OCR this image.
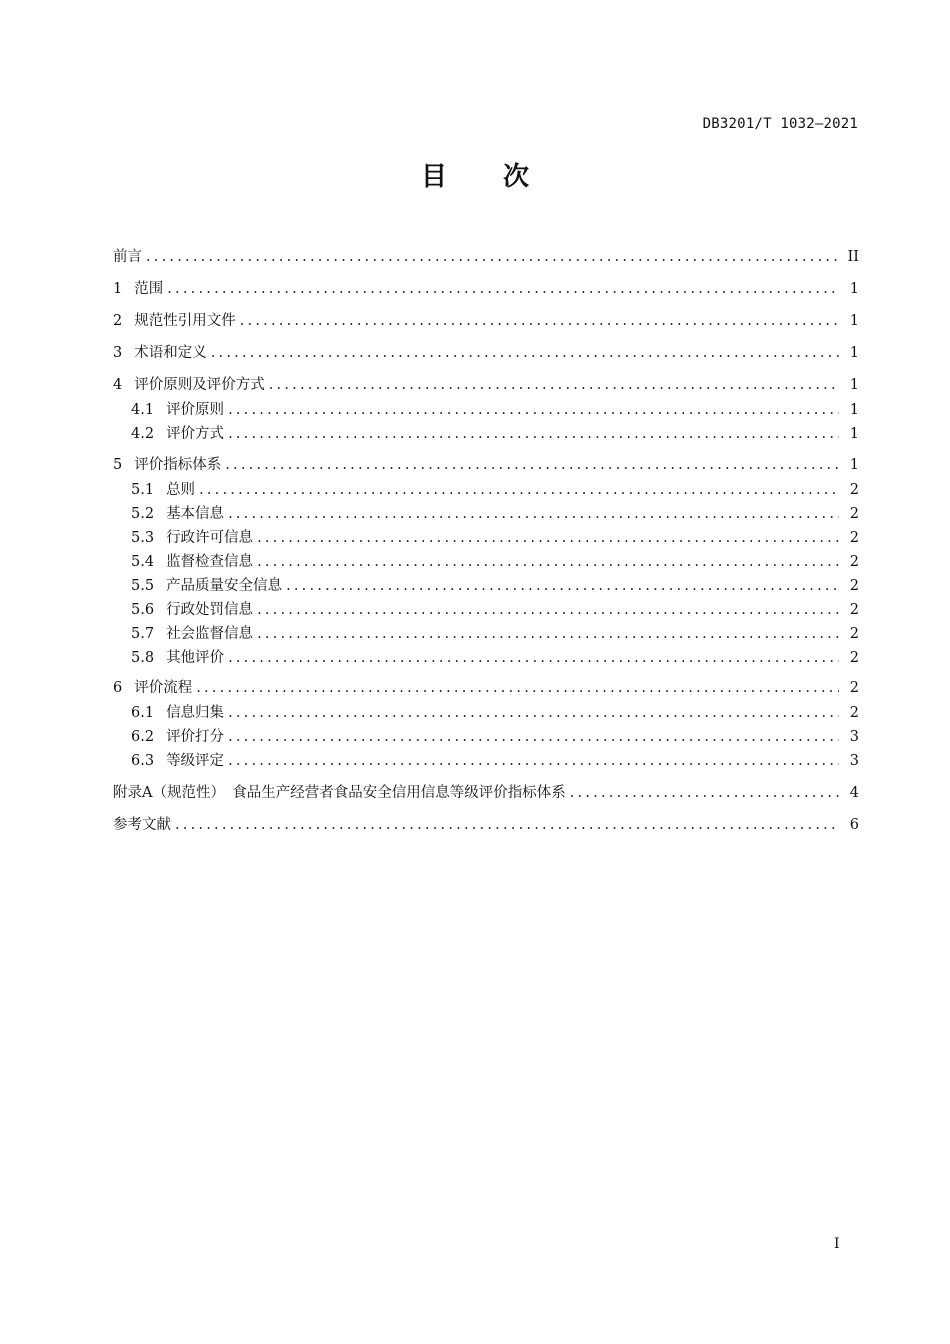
DB3201/T 1032—2021
目 次
前言 .....	II
1 范围 .....	1
2 规范性引用文件 .....	1
3 术语和定义 .....	1
4 评价原则及评价方式 .....	1
4.1 评价原则 .....	1
4.2 评价方式 .....	1
5 评价指标体系 .....	1
5.1 总则 .....	2
5.2 基本信息 .....	2
5.3 行政许可信息 .....	2
5.4 监督检查信息 .....	2
5.5 产品质量安全信息 .....	2
5.6 行政处罚信息 .....	2
5.7 社会监督信息 .....	2
5.8 其他评价 .....	2
6 评价流程 .....	2
6.1 信息归集 .....	2
6.2 评价打分 .....	3
6.3 等级评定 .....	3
附录A（规范性）　食品生产经营者食品安全信用信息等级评价指标体系 .....	4
参考文献 .....	6
I
